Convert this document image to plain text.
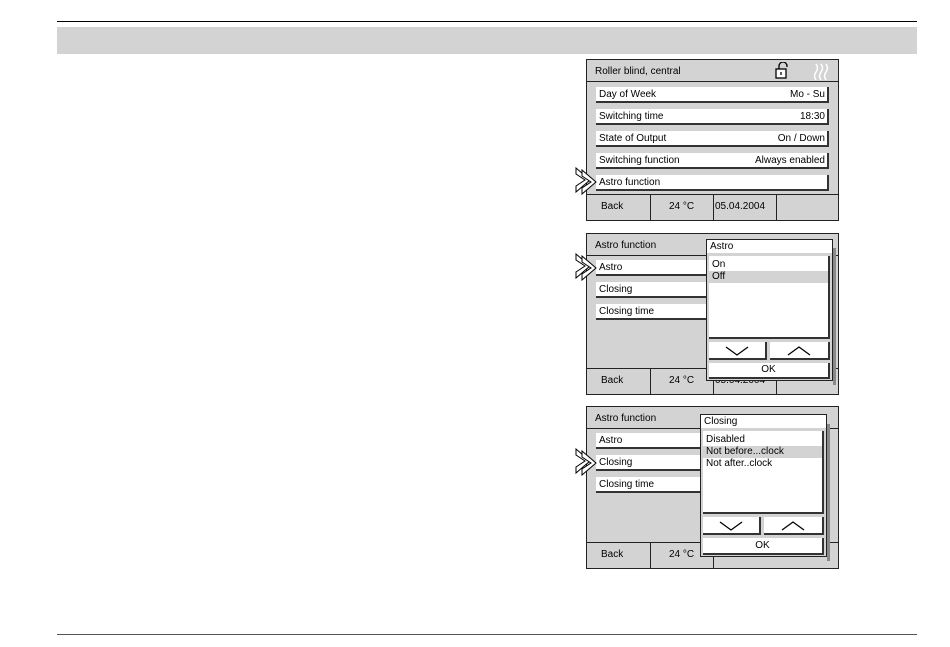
Roller blind, central
Day of Week	Mo - Su
Switching time	18:30
State of Output	On / Down
Switching function	Always enabled
Astro function
Back	24 °C 05.04.2004
Astro function
Astro
Closing
Closing time
Back	24 °C
Astro
On
Off
OK
Astro function
Astro
Closing
Closing time
Back	24 °C
Closing
Disabled
Not before...clock
Not after..clock
OK
